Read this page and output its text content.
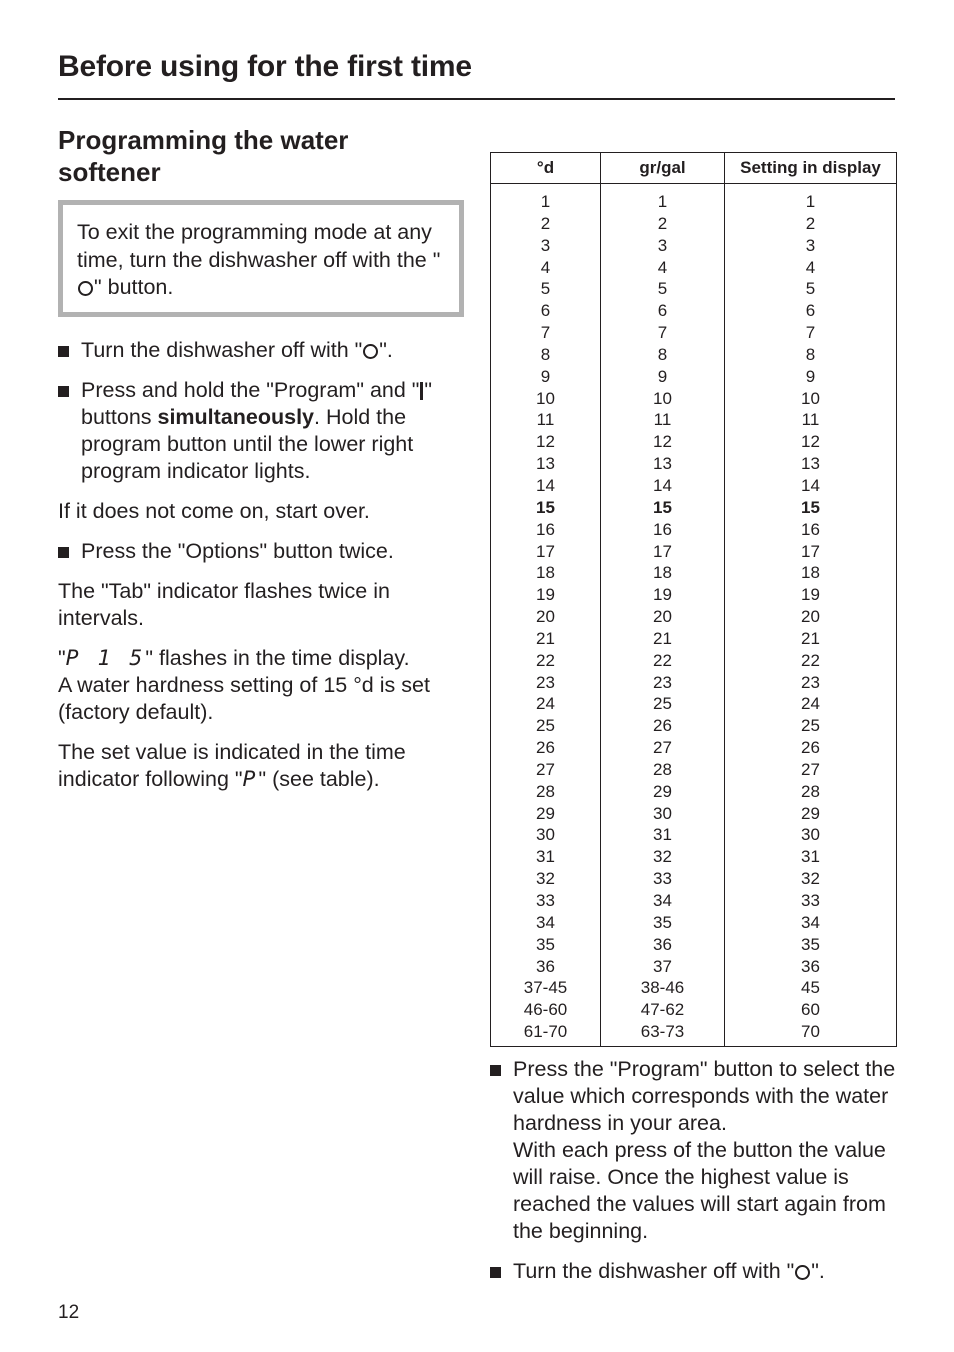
Before using for the first time
Programming the water softener
To exit the programming mode at any time, turn the dishwasher off with the "" button.
Turn the dishwasher off with " ".
Press and hold the "Program" and " " buttons simultaneously. Hold the program button until the lower right program indicator lights.

If it does not come on, start over.

Press the "Options" button twice.

The "Tab" indicator flashes twice in intervals.

"P 1 5" flashes in the time display.
A water hardness setting of 15 °d is set (factory default).

The set value is indicated in the time indicator following "P" (see table).

°d	gr/gal	Setting in display
1	1	1
2	2	2
3	3	3
4	4	4
5	5	5
6	6	6
7	7	7
8	8	8
9	9	9
10	10	10
11	11	11
12	12	12
13	13	13
14	14	14
15	15	15
16	16	16
17	17	17
18	18	18
19	19	19
20	20	20
21	21	21
22	22	22
23	23	23
24	25	24
25	26	25
26	27	26
27	28	27
28	29	28
29	30	29
30	31	30
31	32	31
32	33	32
33	34	33
34	35	34
35	36	35
36	37	36
37-45	38-46	45
46-60	47-62	60
61-70	63-73	70
Press the "Program" button to select the value which corresponds with the water hardness in your area.
With each press of the button the value will raise. Once the highest value is reached the values will start again from the beginning.
Turn the dishwasher off with " ".
12
